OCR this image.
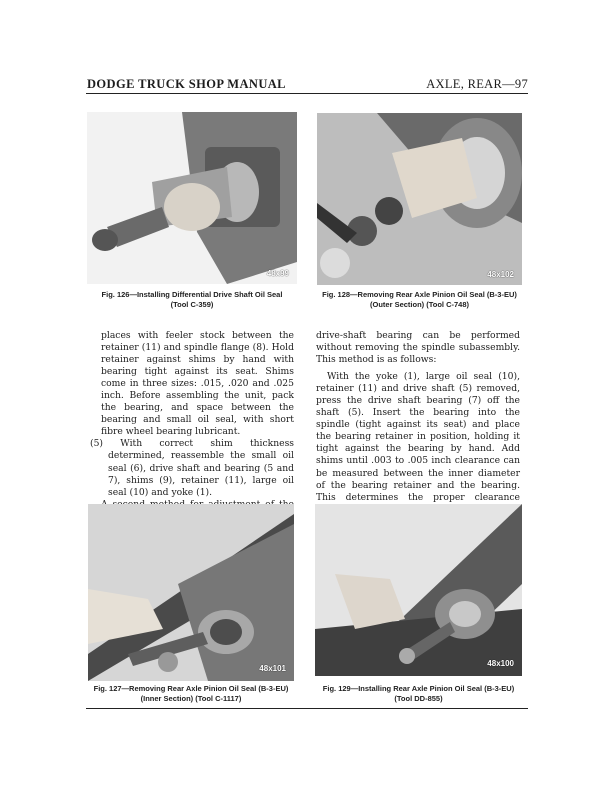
DODGE TRUCK SHOP MANUAL	AXLE, REAR—97
48x99
Fig. 126—Installing Differential Drive Shaft Oil Seal
(Tool C-359)
48x102
Fig. 128—Removing Rear Axle Pinion Oil Seal (B-3-EU)
(Outer Section) (Tool C-748)

places with feeler stock between the retainer (11) and spindle flange (8). Hold retainer against shims by hand with bearing tight against its seat. Shims come in three sizes: .015, .020 and .025 inch. Before assembling the unit, pack the bearing, and space between the bearing and small oil seal, with short fibre wheel bearing lubricant.

(5) With correct shim thickness determined, reassemble the small oil seal (6), drive shaft and bearing (5 and 7), shims (9), retainer (11), large oil seal (10) and yoke (1).

drive-shaft bearing can be performed without removing the spindle subassembly. This method is as follows:

With the yoke (1), large oil seal (10), retainer (11) and drive shaft (5) removed, press the drive shaft bearing (7) off the shaft (5). Insert the bearing into the spindle (tight against its seat) and place the bearing retainer in position, holding it tight against the bearing by hand. Add shims until .003 to .005 inch clearance can be measured between the inner diameter of the bearing retainer and the bearing. This determines the proper clearance

48x101
Fig. 127—Removing Rear Axle Pinion Oil Seal (B-3-EU)
(Inner Section) (Tool C-1117)
48x100
Fig. 129—Installing Rear Axle Pinion Oil Seal (B-3-EU)
(Tool DD-855)
